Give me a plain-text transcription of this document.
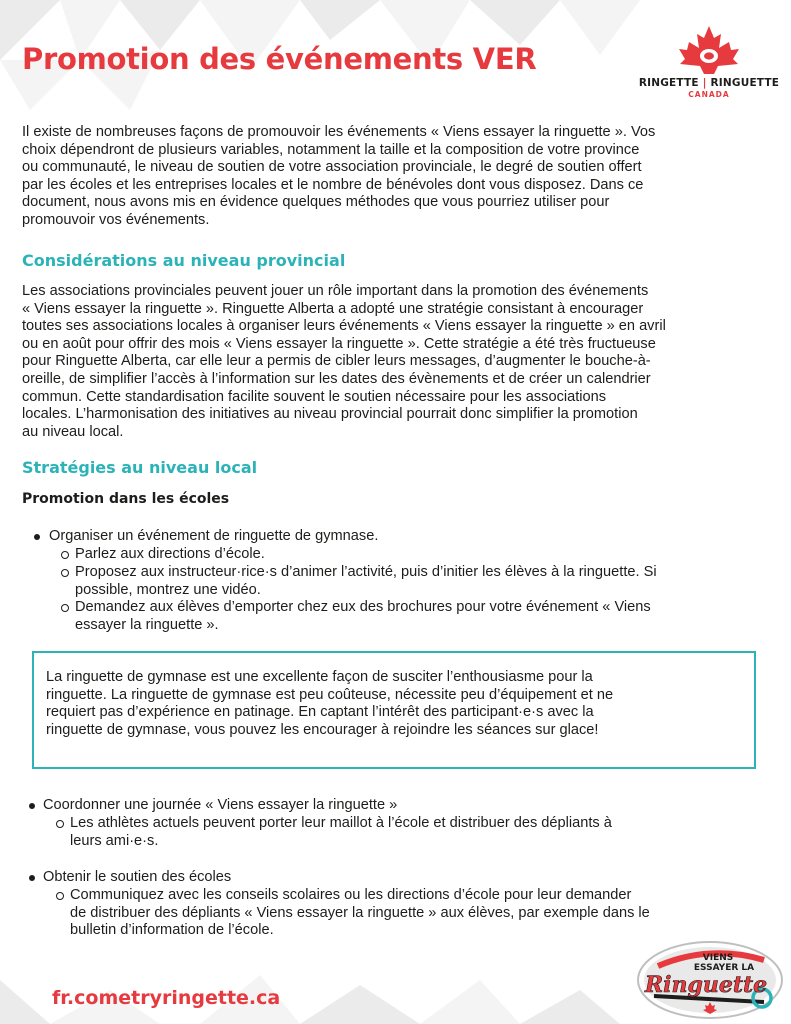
Promotion des événements VER
RINGETTE | RINGUETTE
CANADA
Il existe de nombreuses façons de promouvoir les événements « Viens essayer la ringuette ». Vos
choix dépendront de plusieurs variables, notamment la taille et la composition de votre province
ou communauté, le niveau de soutien de votre association provinciale, le degré de soutien offert
par les écoles et les entreprises locales et le nombre de bénévoles dont vous disposez. Dans ce
document, nous avons mis en évidence quelques méthodes que vous pourriez utiliser pour
promouvoir vos événements.
Considérations au niveau provincial
Les associations provinciales peuvent jouer un rôle important dans la promotion des événements
« Viens essayer la ringuette ». Ringuette Alberta a adopté une stratégie consistant à encourager
toutes ses associations locales à organiser leurs événements « Viens essayer la ringuette » en avril
ou en août pour offrir des mois « Viens essayer la ringuette ». Cette stratégie a été très fructueuse
pour Ringuette Alberta, car elle leur a permis de cibler leurs messages, d’augmenter le bouche-à-
oreille, de simplifier l’accès à l’information sur les dates des évènements et de créer un calendrier
commun. Cette standardisation facilite souvent le soutien nécessaire pour les associations
locales. L’harmonisation des initiatives au niveau provincial pourrait donc simplifier la promotion
au niveau local.
Stratégies au niveau local
Promotion dans les écoles
Organiser un événement de ringuette de gymnase.
Parlez aux directions d’école.
Proposez aux instructeur·rice·s d’animer l’activité, puis d’initier les élèves à la ringuette. Si
possible, montrez une vidéo.
Demandez aux élèves d’emporter chez eux des brochures pour votre événement « Viens
essayer la ringuette ».
La ringuette de gymnase est une excellente façon de susciter l’enthousiasme pour la
ringuette. La ringuette de gymnase est peu coûteuse, nécessite peu d’équipement et ne
requiert pas d’expérience en patinage. En captant l’intérêt des participant·e·s avec la
ringuette de gymnase, vous pouvez les encourager à rejoindre les séances sur glace!
Coordonner une journée « Viens essayer la ringuette »
Les athlètes actuels peuvent porter leur maillot à l’école et distribuer des dépliants à
leurs ami·e·s.
Obtenir le soutien des écoles
Communiquez avec les conseils scolaires ou les directions d’école pour leur demander
de distribuer des dépliants « Viens essayer la ringuette » aux élèves, par exemple dans le
bulletin d’information de l’école.
fr.cometryringette.ca
VIENS
ESSAYER LA
Ringuette
